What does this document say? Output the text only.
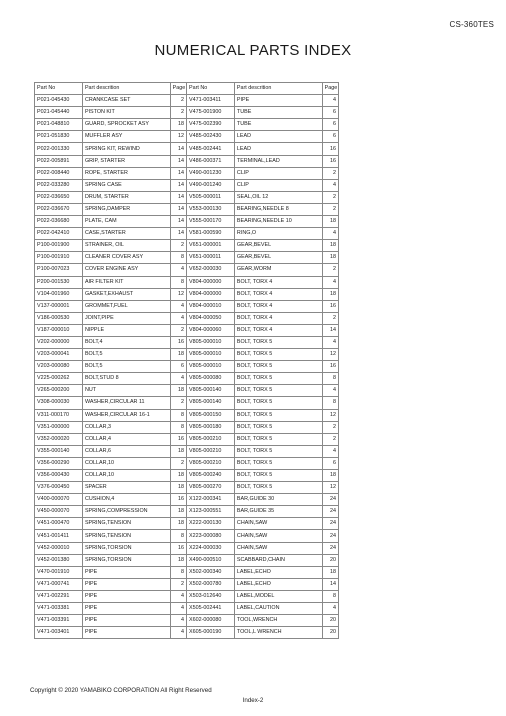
CS-360TES
NUMERICAL PARTS INDEX
Part No	Part descrition	Page	Part No	Part descrition	Page
P021-045430	CRANKCASE SET	2	V471-003411	PIPE	4
P021-045440	PISTON KIT	2	V475-001900	TUBE	6
P021-048810	GUARD, SPROCKET ASY	18	V475-002390	TUBE	6
P021-051830	MUFFLER ASY	12	V485-002430	LEAD	6
P022-001330	SPRING KIT, REWIND	14	V485-002441	LEAD	16
P022-005891	GRIP, STARTER	14	V486-000371	TERMINAL,LEAD	16
P022-008440	ROPE, STARTER	14	V490-001230	CLIP	2
P022-033280	SPRING CASE	14	V490-001240	CLIP	4
P022-036650	DRUM, STARTER	14	V505-000011	SEAL,OIL 12	2
P022-036670	SPRING,DAMPER	14	V553-000130	BEARING,NEEDLE 8	2
P022-036680	PLATE, CAM	14	V555-000170	BEARING,NEEDLE 10	18
P022-042410	CASE,STARTER	14	V581-000590	RING,O	4
P100-001900	STRAINER, OIL	2	V651-000001	GEAR,BEVEL	18
P100-001910	CLEANER COVER ASY	8	V651-000011	GEAR,BEVEL	18
P100-007023	COVER ENGINE ASY	4	V652-000030	GEAR,WORM	2
P200-001530	AIR FILTER KIT	8	V804-000000	BOLT, TORX 4	4
V104-001960	GASKET,EXHAUST	12	V804-000000	BOLT, TORX 4	18
V137-000001	GROMMET,FUEL	4	V804-000010	BOLT, TORX 4	16
V186-000530	JOINT,PIPE	4	V804-000050	BOLT, TORX 4	2
V187-000010	NIPPLE	2	V804-000060	BOLT, TORX 4	14
V202-000000	BOLT,4	16	V805-000010	BOLT, TORX 5	4
V203-000041	BOLT,5	18	V805-000010	BOLT, TORX 5	12
V203-000080	BOLT,5	6	V805-000010	BOLT, TORX 5	16
V225-000262	BOLT,STUD 8	4	V805-000080	BOLT, TORX 5	8
V265-000200	NUT	18	V805-000140	BOLT, TORX 5	4
V308-000030	WASHER,CIRCULAR 11	2	V805-000140	BOLT, TORX 5	8
V311-000170	WASHER,CIRCULAR 16-1	8	V805-000150	BOLT, TORX 5	12
V351-000000	COLLAR,3	8	V805-000180	BOLT, TORX 5	2
V352-000020	COLLAR,4	16	V805-000210	BOLT, TORX 5	2
V355-000140	COLLAR,6	18	V805-000210	BOLT, TORX 5	4
V356-000290	COLLAR,10	2	V805-000210	BOLT, TORX 5	6
V356-000430	COLLAR,10	18	V805-000240	BOLT, TORX 5	18
V376-000450	SPACER	18	V805-000270	BOLT, TORX 5	12
V400-000070	CUSHION,4	16	X122-000341	BAR,GUIDE 30	24
V450-000070	SPRING,COMPRESSION	18	X123-000551	BAR,GUIDE 35	24
V451-000470	SPRING,TENSION	18	X222-000130	CHAIN,SAW	24
V451-001411	SPRING,TENSION	8	X223-000080	CHAIN,SAW	24
V452-000010	SPRING,TORSION	16	X224-000030	CHAIN,SAW	24
V452-001380	SPRING,TORSION	18	X490-000510	SCABBARD,CHAIN	20
V470-001910	PIPE	8	X502-000340	LABEL,ECHO	18
V471-000741	PIPE	2	X502-000780	LABEL,ECHO	14
V471-002291	PIPE	4	X503-012640	LABEL,MODEL	8
V471-003381	PIPE	4	X505-002441	LABEL,CAUTION	4
V471-003391	PIPE	4	X602-000080	TOOL,WRENCH	20
V471-003401	PIPE	4	X605-000190	TOOL,L WRENCH	20
Copyright © 2020 YAMABIKO CORPORATION All Right Reserved
Index-2
